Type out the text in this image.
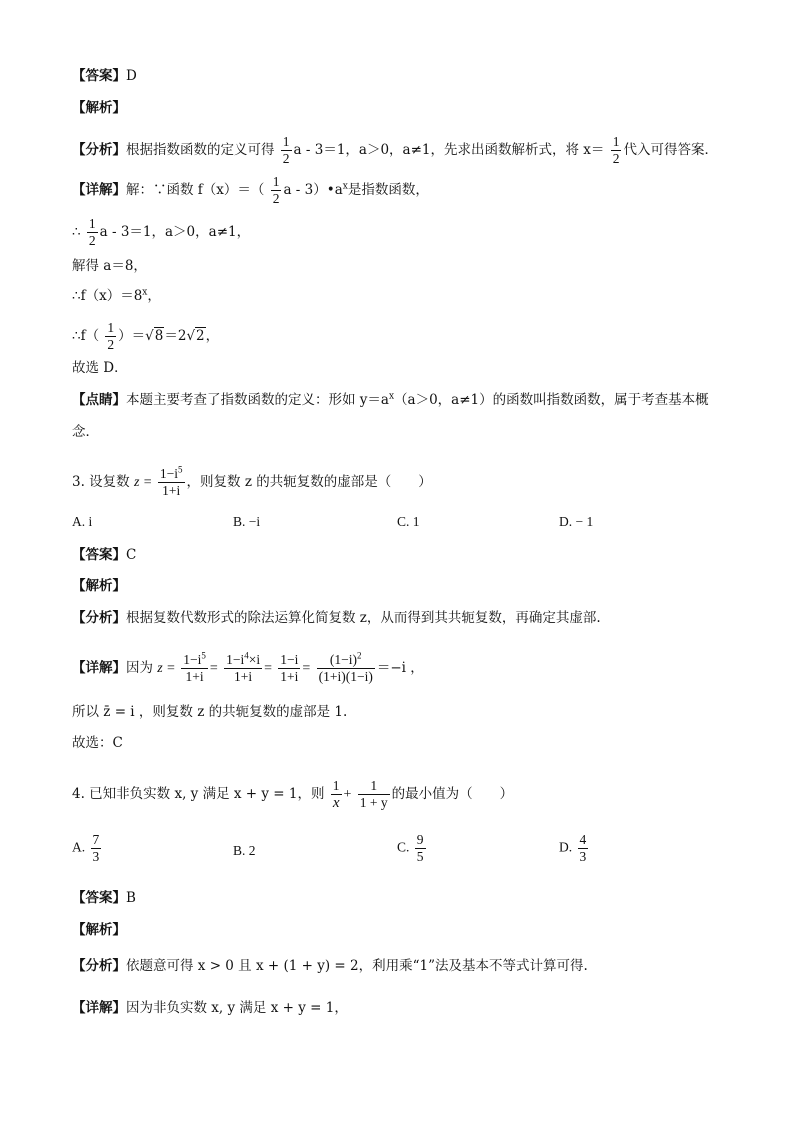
【答案】D
【解析】
【分析】根据指数函数的定义可得 $\frac{1}{2}$ a - 3＝1，a＞0，a≠1，先求出函数解析式，将 $x= \frac{1}{2}$ 代入可得答案．
【详解】解：∵函数 $f(x)=( \frac{1}{2}$ a - $3)•a^x$是指数函数，
∴ $\frac{1}{2}$ a - 3＝1，a＞0，a≠1，
解得 a＝8，
$\therefore f(x)=8^x$，
∴f（ $\frac{1}{2} )=√8=2√2$，
故选 D．
【点睛】本题主要考查了指数函数的定义：形如 $y=a^x(a>0$，a≠1）的函数叫指数函数，属于考查基本概
念．
3. 设复数 $z = \frac{1-i^5}{1+i}$ ，则复数 z 的共轭复数的虚部是（　　）
A. i	B. −i	C. 1	D. − 1
【答案】C
【解析】
【分析】根据复数代数形式的除法运算化简复数 z，从而得到其共轭复数，再确定其虚部.
【详解】因为 $z = \frac{1-i^5}{1+i} = \frac{1-i^4\times i}{1+i} = \frac{1-i}{1+i} = \frac{(1-i)^2}{(1+i)(1-i)} =-i$ ，
所以 z̄ = i ，则复数 z 的共轭复数的虚部是 1.
故选：C
4. 已知非负实数 x, y 满足 x + y = 1，则 $\frac{1}{x} + \frac{1}{1 + y}$ 的最小值为（　　）
A. $\frac{7}{3}$	B. 2	C. $\frac{9}{5}$	D. $\frac{4}{3}$
【答案】B
【解析】
【分析】依题意可得 x > 0 且 x + (1 + y) = 2，利用乘“1”法及基本不等式计算可得.
【详解】因为非负实数 x, y 满足 x + y = 1，
